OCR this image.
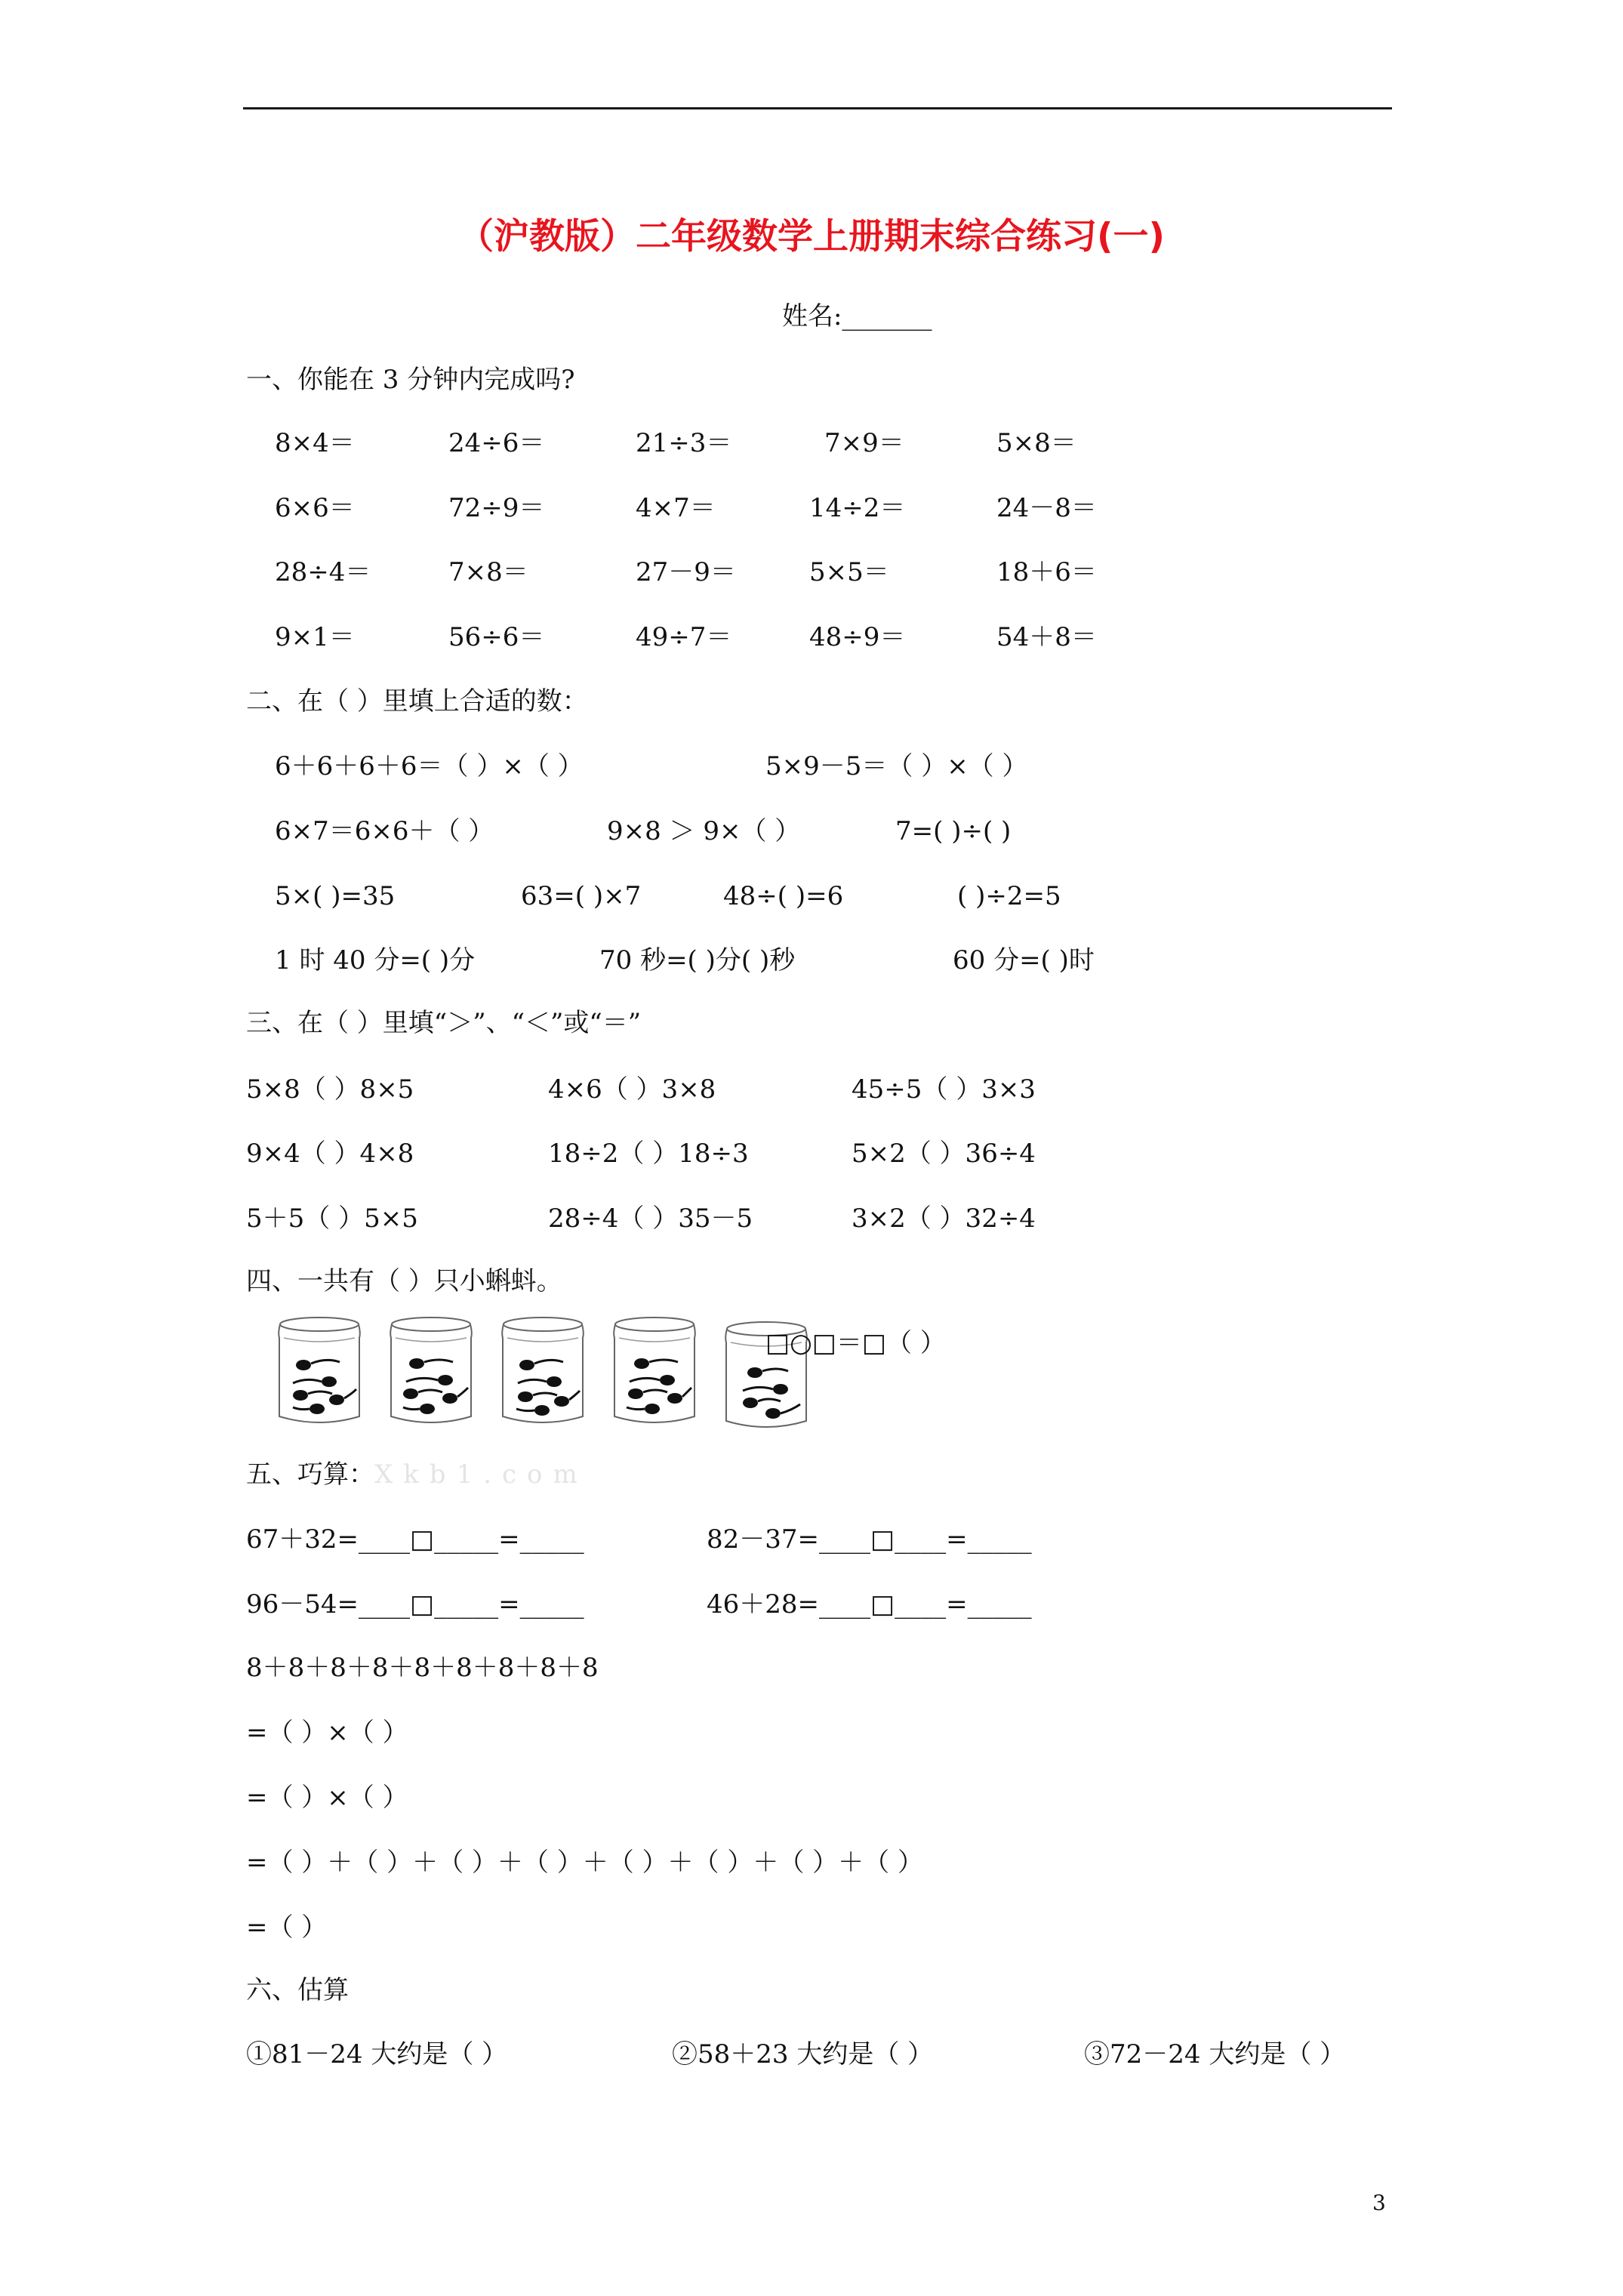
（沪教版）二年级数学上册期末综合练习(一)
姓名:_______
一、你能在 3 分钟内完成吗?
8×4＝	24÷6＝	21÷3＝	7×9＝	5×8＝
6×6＝	72÷9＝	4×7＝	14÷2＝	24－8＝
28÷4＝	7×8＝	27－9＝	5×5＝	18＋6＝
9×1＝	56÷6＝	49÷7＝	48÷9＝	54＋8＝
二、在（ ）里填上合适的数：
6＋6＋6＋6＝（ ）×（ ）	5×9－5＝（ ）×（ ）
6×7＝6×6＋（ ）	9×8 ＞ 9×（ ）	7=( )÷( )
5×( )=35	63=( )×7	48÷( )=6	( )÷2=5
1 时 40 分=( )分	70 秒=( )分( )秒	60 分=( )时
三、在（ ）里填“＞”、“＜”或“＝”
5×8（ ）8×5	4×6（ ）3×8	45÷5（ ）3×3
9×4（ ）4×8	18÷2（ ）18÷3	5×2（ ）36÷4
5＋5（ ）5×5	28÷4（ ）35－5	3×2（ ）32÷4
四、一共有（ ）只小蝌蚪。
□○□＝□（ ）
五、巧算：Xkb1.com
67＋32=____□_____=_____	82－37=____□____=_____
96－54=____□_____=_____	46＋28=____□____=_____
8＋8＋8＋8＋8＋8＋8＋8＋8
=（ ）×（ ）
=（ ）×（ ）
=（ ）＋（ ）＋（ ）＋（ ）＋（ ）＋（ ）＋（ ）＋（ ）
=（ ）
六、估算
①81－24 大约是（ ）	②58＋23 大约是（ ）	③72－24 大约是（ ）
3
